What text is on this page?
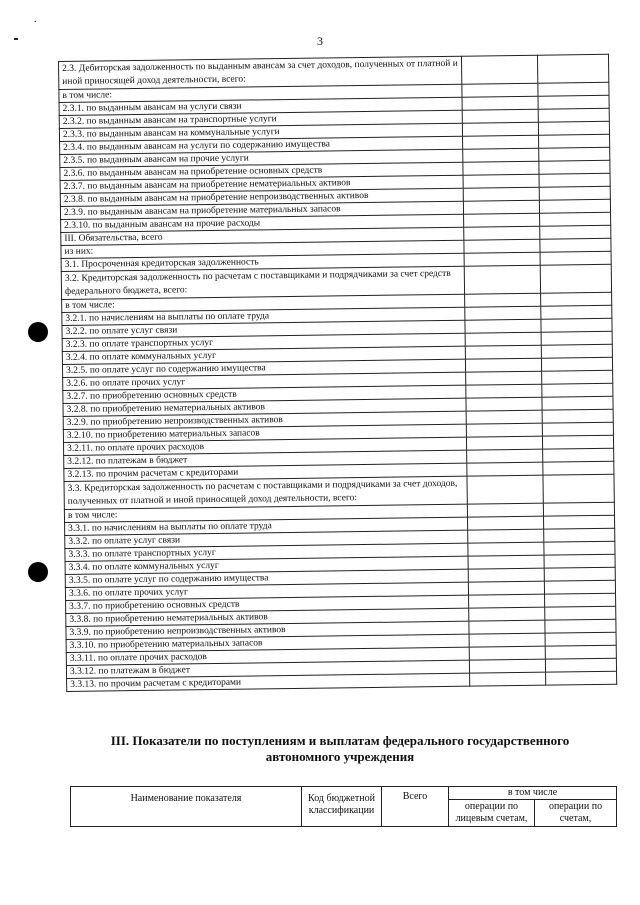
.
3
2.3. Дебиторская задолженность по выданным авансам за счет доходов, полученных от платной и иной приносящей доход деятельности, всего:		
в том числе:		
2.3.1. по выданным авансам на услуги связи		
2.3.2. по выданным авансам на транспортные услуги		
2.3.3. по выданным авансам на коммунальные услуги		
2.3.4. по выданным авансам на услуги по содержанию имущества		
2.3.5. по выданным авансам на прочие услуги		
2.3.6. по выданным авансам на приобретение основных средств		
2.3.7. по выданным авансам на приобретение нематериальных активов		
2.3.8. по выданным авансам на приобретение непроизводственных активов		
2.3.9. по выданным авансам на приобретение материальных запасов		
2.3.10. по выданным авансам на прочие расходы		
III. Обязательства, всего		
из них:		
3.1. Просроченная кредиторская задолженность		
3.2. Кредиторская задолженность по расчетам с поставщиками и подрядчиками за счет средств федерального бюджета, всего:		
в том числе:		
3.2.1. по начислениям на выплаты по оплате труда		
3.2.2. по оплате услуг связи		
3.2.3. по оплате транспортных услуг		
3.2.4. по оплате коммунальных услуг		
3.2.5. по оплате услуг по содержанию имущества		
3.2.6. по оплате прочих услуг		
3.2.7. по приобретению основных средств		
3.2.8. по приобретению нематериальных активов		
3.2.9. по приобретению непроизводственных активов		
3.2.10. по приобретению материальных запасов		
3.2.11. по оплате прочих расходов		
3.2.12. по платежам в бюджет		
3.2.13. по прочим расчетам с кредиторами		
3.3. Кредиторская задолженность по расчетам с поставщиками и подрядчиками за счет доходов, полученных от платной и иной приносящей доход деятельности, всего:		
в том числе:		
3.3.1. по начислениям на выплаты по оплате труда		
3.3.2. по оплате услуг связи		
3.3.3. по оплате транспортных услуг		
3.3.4. по оплате коммунальных услуг		
3.3.5. по оплате услуг по содержанию имущества		
3.3.6. по оплате прочих услуг		
3.3.7. по приобретению основных средств		
3.3.8. по приобретению нематериальных активов		
3.3.9. по приобретению непроизводственных активов		
3.3.10. по приобретению материальных запасов		
3.3.11. по оплате прочих расходов		
3.3.12. по платежам в бюджет		
3.3.13. по прочим расчетам с кредиторами		
III. Показатели по поступлениям и выплатам федерального государственного автономного учреждения
Наименование показателя	Код бюджетной классификации	Всего	в том числе	
			операции по лицевым счетам,	операции по счетам,
